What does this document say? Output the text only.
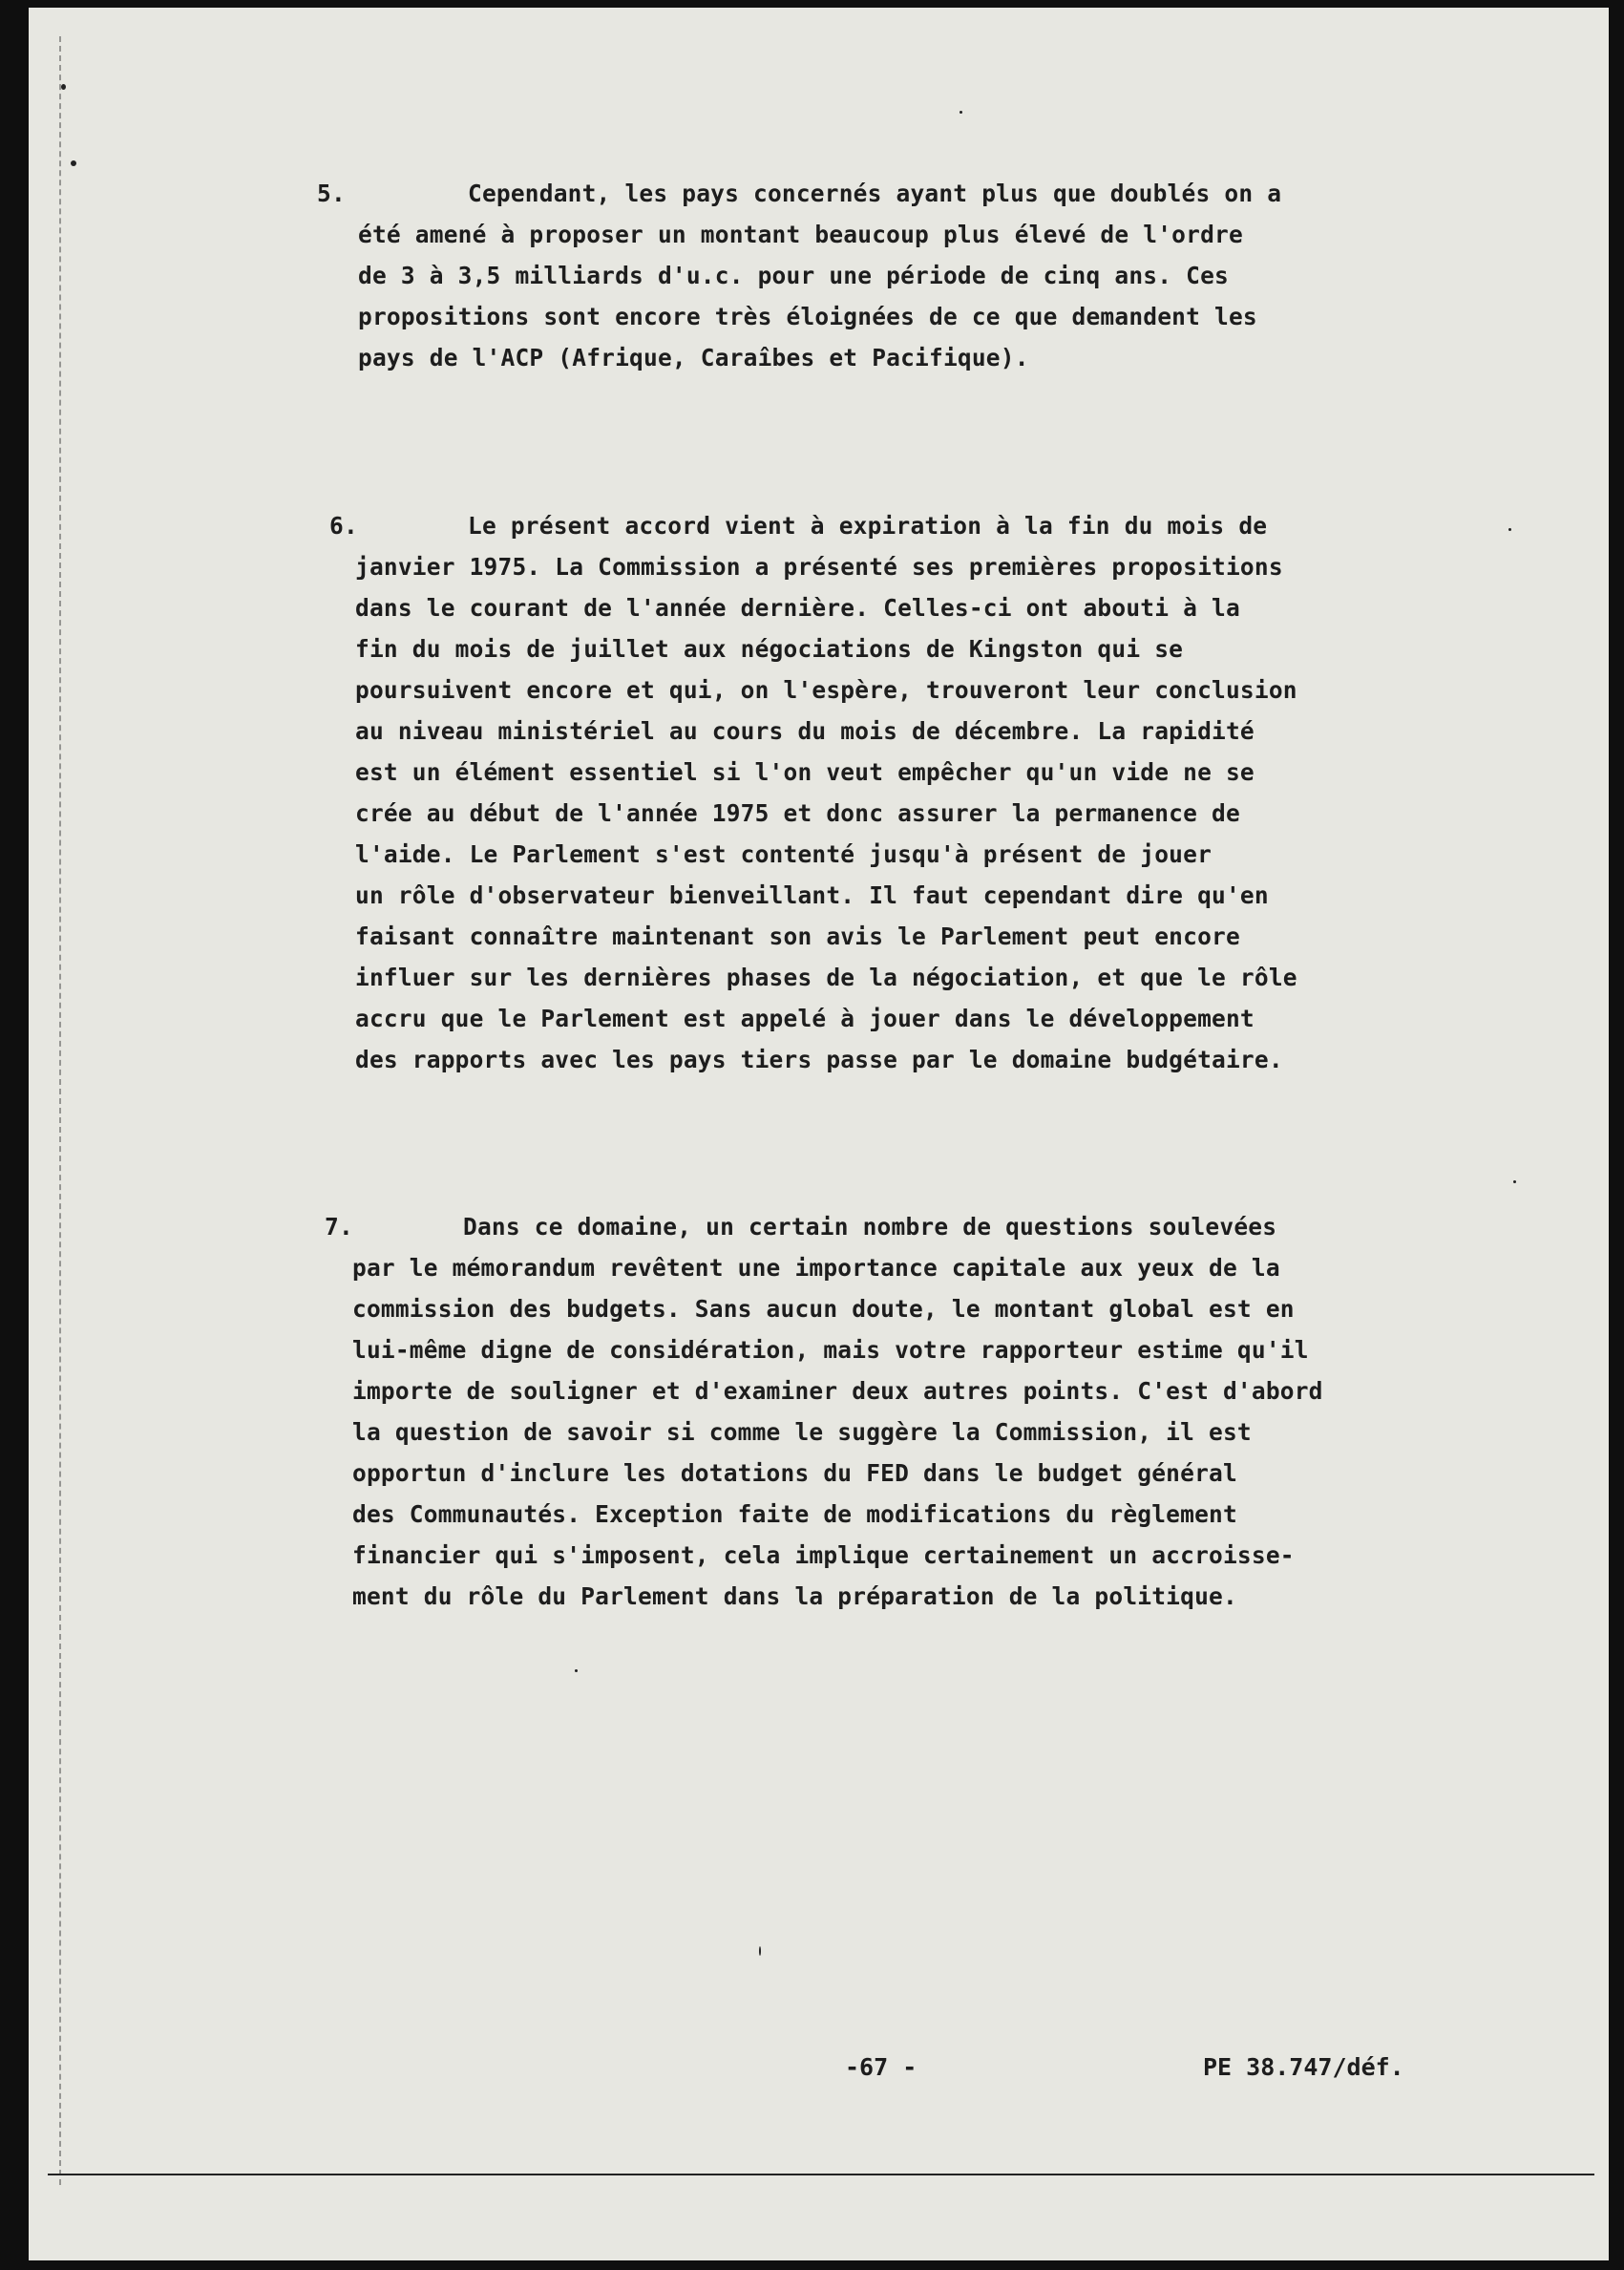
5.	Cependant, les pays concernés ayant plus que doublés on a
été amené à proposer un montant beaucoup plus élevé de l'ordre
de 3 à 3,5 milliards d'u.c. pour une période de cinq ans. Ces
propositions sont encore très éloignées de ce que demandent les
pays de l'ACP (Afrique, Caraîbes et Pacifique).
6.	Le présent accord vient à expiration à la fin du mois de
janvier 1975. La Commission a présenté ses premières propositions
dans le courant de l'année dernière. Celles-ci ont abouti à la
fin du mois de juillet aux négociations de Kingston qui se
poursuivent encore et qui, on l'espère, trouveront leur conclusion
au niveau ministériel au cours du mois de décembre. La rapidité
est un élément essentiel si l'on veut empêcher qu'un vide ne se
crée au début de l'année 1975 et donc assurer la permanence de
l'aide. Le Parlement s'est contenté jusqu'à présent de jouer
un rôle d'observateur bienveillant. Il faut cependant dire qu'en
faisant connaître maintenant son avis le Parlement peut encore
influer sur les dernières phases de la négociation, et que le rôle
accru que le Parlement est appelé à jouer dans le développement
des rapports avec les pays tiers passe par le domaine budgétaire.
7.	Dans ce domaine, un certain nombre de questions soulevées
par le mémorandum revêtent une importance capitale aux yeux de la
commission des budgets. Sans aucun doute, le montant global est en
lui-même digne de considération, mais votre rapporteur estime qu'il
importe de souligner et d'examiner deux autres points. C'est d'abord
la question de savoir si comme le suggère la Commission, il est
opportun d'inclure les dotations du FED dans le budget général
des Communautés. Exception faite de modifications du règlement
financier qui s'imposent, cela implique certainement un accroisse-
ment du rôle du Parlement dans la préparation de la politique.
-67 -	PE 38.747/déf.
